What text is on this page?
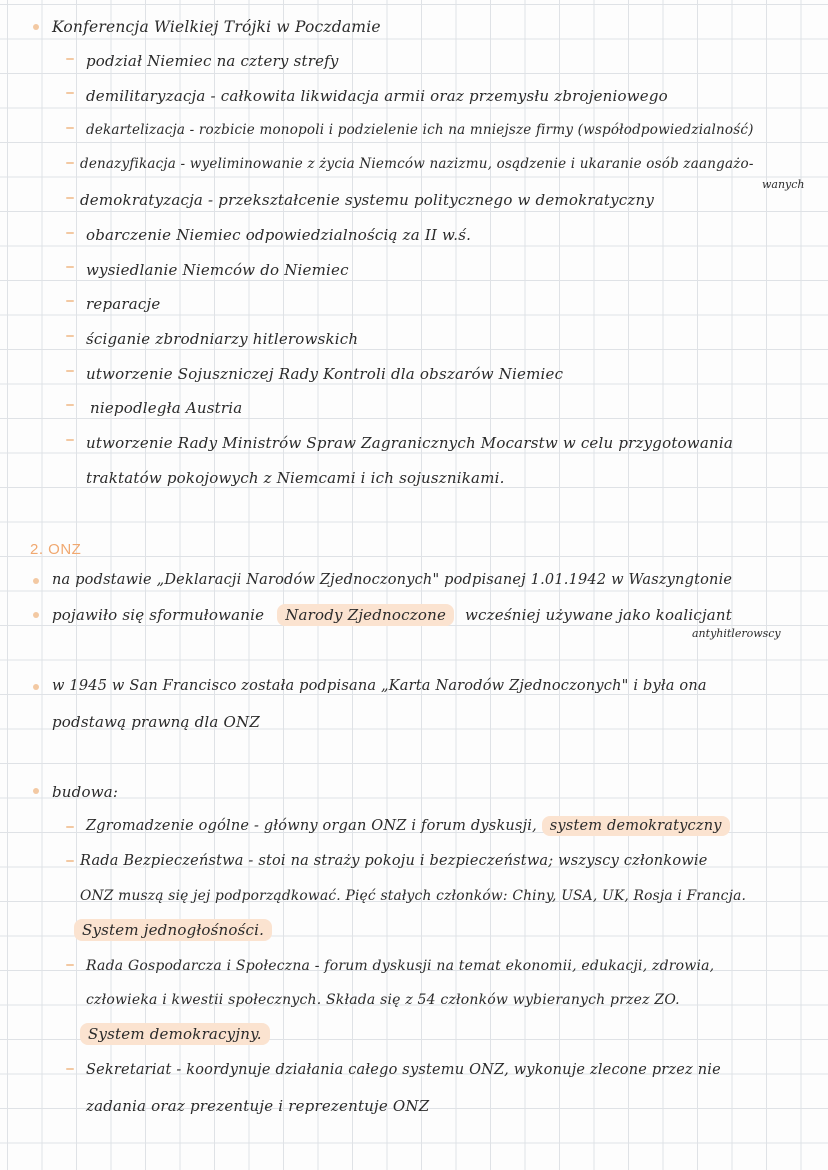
Konferencja Wielkiej Trójki w Poczdamie
podział Niemiec na cztery strefy
demilitaryzacja - całkowita likwidacja armii oraz przemysłu zbrojeniowego
dekartelizacja - rozbicie monopoli i podzielenie ich na mniejsze firmy (współodpowiedzialność)
denazyfikacja - wyeliminowanie z życia Niemców nazizmu, osądzenie i ukaranie osób zaangażo-
wanych
demokratyzacja - przekształcenie systemu politycznego w demokratyczny
obarczenie Niemiec odpowiedzialnością za II w.ś.
wysiedlanie Niemców do Niemiec
reparacje
ściganie zbrodniarzy hitlerowskich
utworzenie Sojuszniczej Rady Kontroli dla obszarów Niemiec
niepodległa Austria
utworzenie Rady Ministrów Spraw Zagranicznych Mocarstw w celu przygotowania
traktatów pokojowych z Niemcami i ich sojusznikami.
2. ONZ
na podstawie „Deklaracji Narodów Zjednoczonych" podpisanej 1.01.1942 w Waszyngtonie
pojawiło się sformułowanie Narody Zjednoczone wcześniej używane jako koalicjant
antyhitlerowscy
w 1945 w San Francisco została podpisana „Karta Narodów Zjednoczonych" i była ona
podstawą prawną dla ONZ
budowa:
Zgromadzenie ogólne - główny organ ONZ i forum dyskusji, system demokratyczny
Rada Bezpieczeństwa - stoi na straży pokoju i bezpieczeństwa; wszyscy członkowie
ONZ muszą się jej podporządkować. Pięć stałych członków: Chiny, USA, UK, Rosja i Francja.
System jednogłośności.
Rada Gospodarcza i Społeczna - forum dyskusji na temat ekonomii, edukacji, zdrowia,
człowieka i kwestii społecznych. Składa się z 54 członków wybieranych przez ZO.
System demokracyjny.
Sekretariat - koordynuje działania całego systemu ONZ, wykonuje zlecone przez nie
zadania oraz prezentuje i reprezentuje ONZ
